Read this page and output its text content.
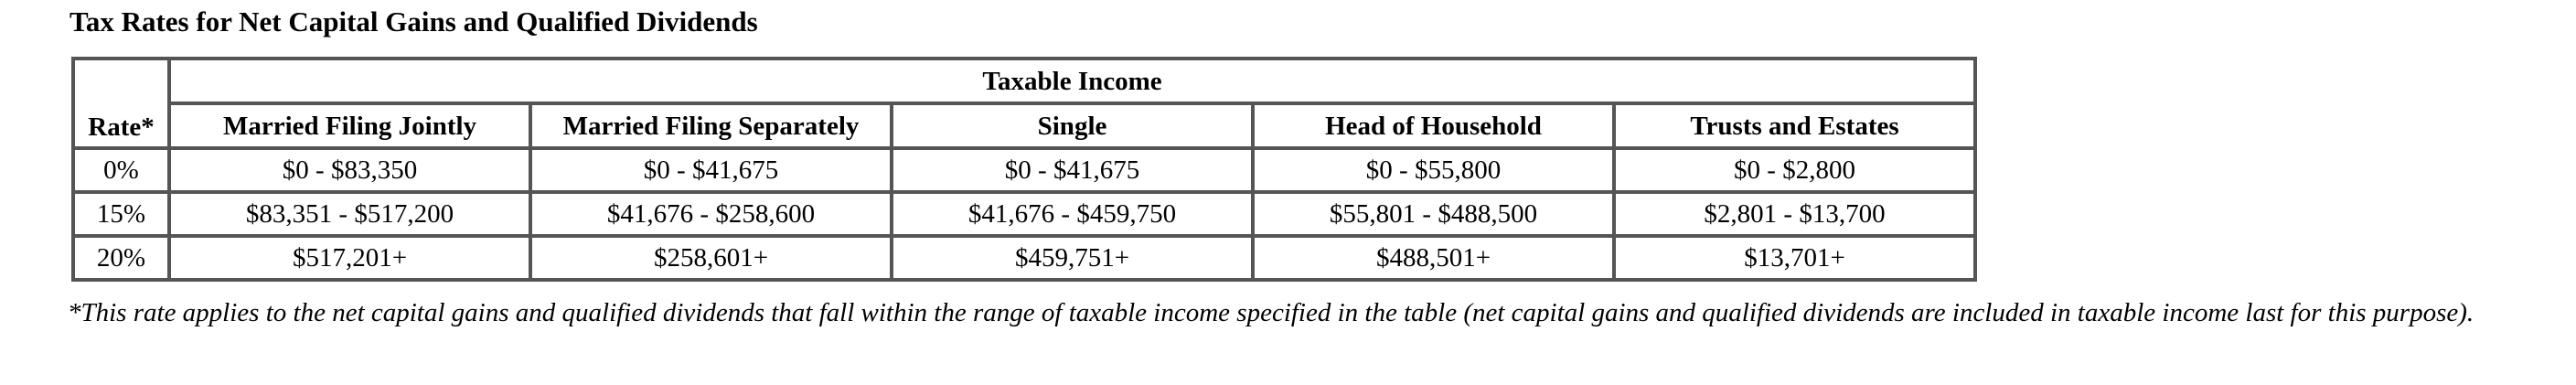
Tax Rates for Net Capital Gains and Qualified Dividends
Rate*	Taxable Income				
	Married Filing Jointly	Married Filing Separately	Single	Head of Household	Trusts and Estates
0%	$0 - $83,350	$0 - $41,675	$0 - $41,675	$0 - $55,800	$0 - $2,800
15%	$83,351 - $517,200	$41,676 - $258,600	$41,676 - $459,750	$55,801 - $488,500	$2,801 - $13,700
20%	$517,201+	$258,601+	$459,751+	$488,501+	$13,701+
*This rate applies to the net capital gains and qualified dividends that fall within the range of taxable income specified in the table (net capital gains and qualified dividends are included in taxable income last for this purpose).
